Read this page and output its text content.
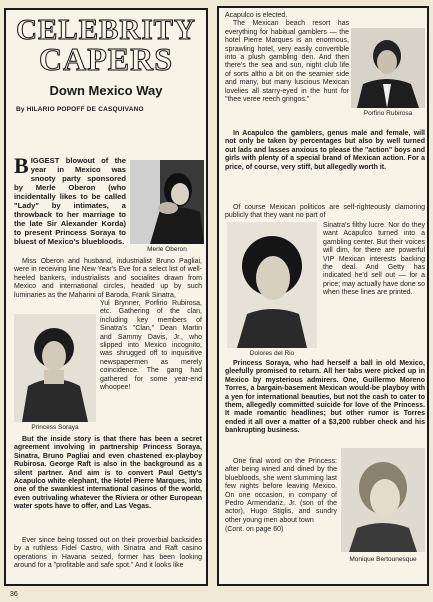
CELEBRITY
CAPERS
Down Mexico Way
By HILARIO POPOFF DE CASQUIVANO
Merle Oberon
Princess Soraya

BIGGEST blowout of the year in Mexico was snooty party sponsored by Merle Oberon (who incidentally likes to be called "Lady" by intimates, a throwback to her marriage to the late Sir Alexander Korda) to present Princess Soraya to bluest of Mexico's bluebloods.

Miss Oberon and husband, industrialist Bruno Pagliai, were in receiving line New Year's Eve for a select list of well-heeled bankers, industrialists and socialites drawn from Mexico and international circles, headed up by such luminaries as the Maharini of Baroda, Frank Sinatra,

Yul Brynner, Porfirio Rubirosa, etc. Gathering of the clan, including key members of Sinatra's "Clan," Dean Martin and Sammy Davis, Jr., who slipped into Mexico incognito, was shrugged off to inquisitive newspapermen as merely coincidence. The gang had gathered for some year-end whoopee!

But the inside story is that there has been a secret agreement involving in partnership Princess Soraya, Sinatra, Bruno Pagliai and even chastened ex-playboy Rubirosa. George Raft is also in the background as a silent partner. And aim is to convert Paul Getty's Acapulco white elephant, the Hotel Pierre Marques, into one of the swankiest international casinos of the world, even outrivaling whatever the Riviera or other European water spots have to offer, and Las Vegas.

Ever since being tossed out on their proverbial backsides by a ruthless Fidel Castro, with Sinatra and Raft casino operations in Havana seized, former has been looking around for a "profitable and safe spot." And it looks like

36
Porfirio Rubirosa

Acapulco is elected.

The Mexican beach resort has everything for habitual gamblers — the hotel Pierre Marques is an enormous, sprawling hotel, very easily convertible into a plush gambling den. And then there's the sea and sun, night club life of sorts altho a bit on the seamier side and many, but many luscious Mexican lovelies all starry-eyed in the hunt for "thee veree reech gringos."

In Acapulco the gamblers, genus male and female, will not only be taken by percentages but also by well turned out lads and lasses anxious to please the "action" boys and girls with plenty of a special brand of Mexican action. For a price, of course, very stiff, but allegedly worth it.

Dolores del Rio

Of course Mexican politicos are self-righteously clamoring publicly that they want no part of

Sinatra's filthy lucre. Nor do they want Acapulco turned into a gambling center. But their voices will dim, for there are powerful VIP Mexican interests backing the deal. And Getty has indicated he'd sell out — for a price; may actually have done so when these lines are printed.

Princess Soraya, who had herself a ball in old Mexico, gleefully promised to return. All her tabs were picked up in Mexico by mysterious admirers. One, Guillermo Moreno Torres, a bargain-basement Mexican would-be playboy with a yen for international beauties, but not the cash to cater to them, allegedly committed suicide for love of the Princess. It made romantic headlines; but other rumor is Torres ended it all over a matter of a $3,200 rubber check and his bankrupting business.

One final word on the Princess: after being wined and dined by the bluebloods, she went slumming last few nights before leaving Mexico. On one occasion, in company of Pedro Armendariz, Jr. (son of the actor), Hugo Stiglis, and sundry other young men about town

(Cont. on page 60)

Monique Bertounesque
